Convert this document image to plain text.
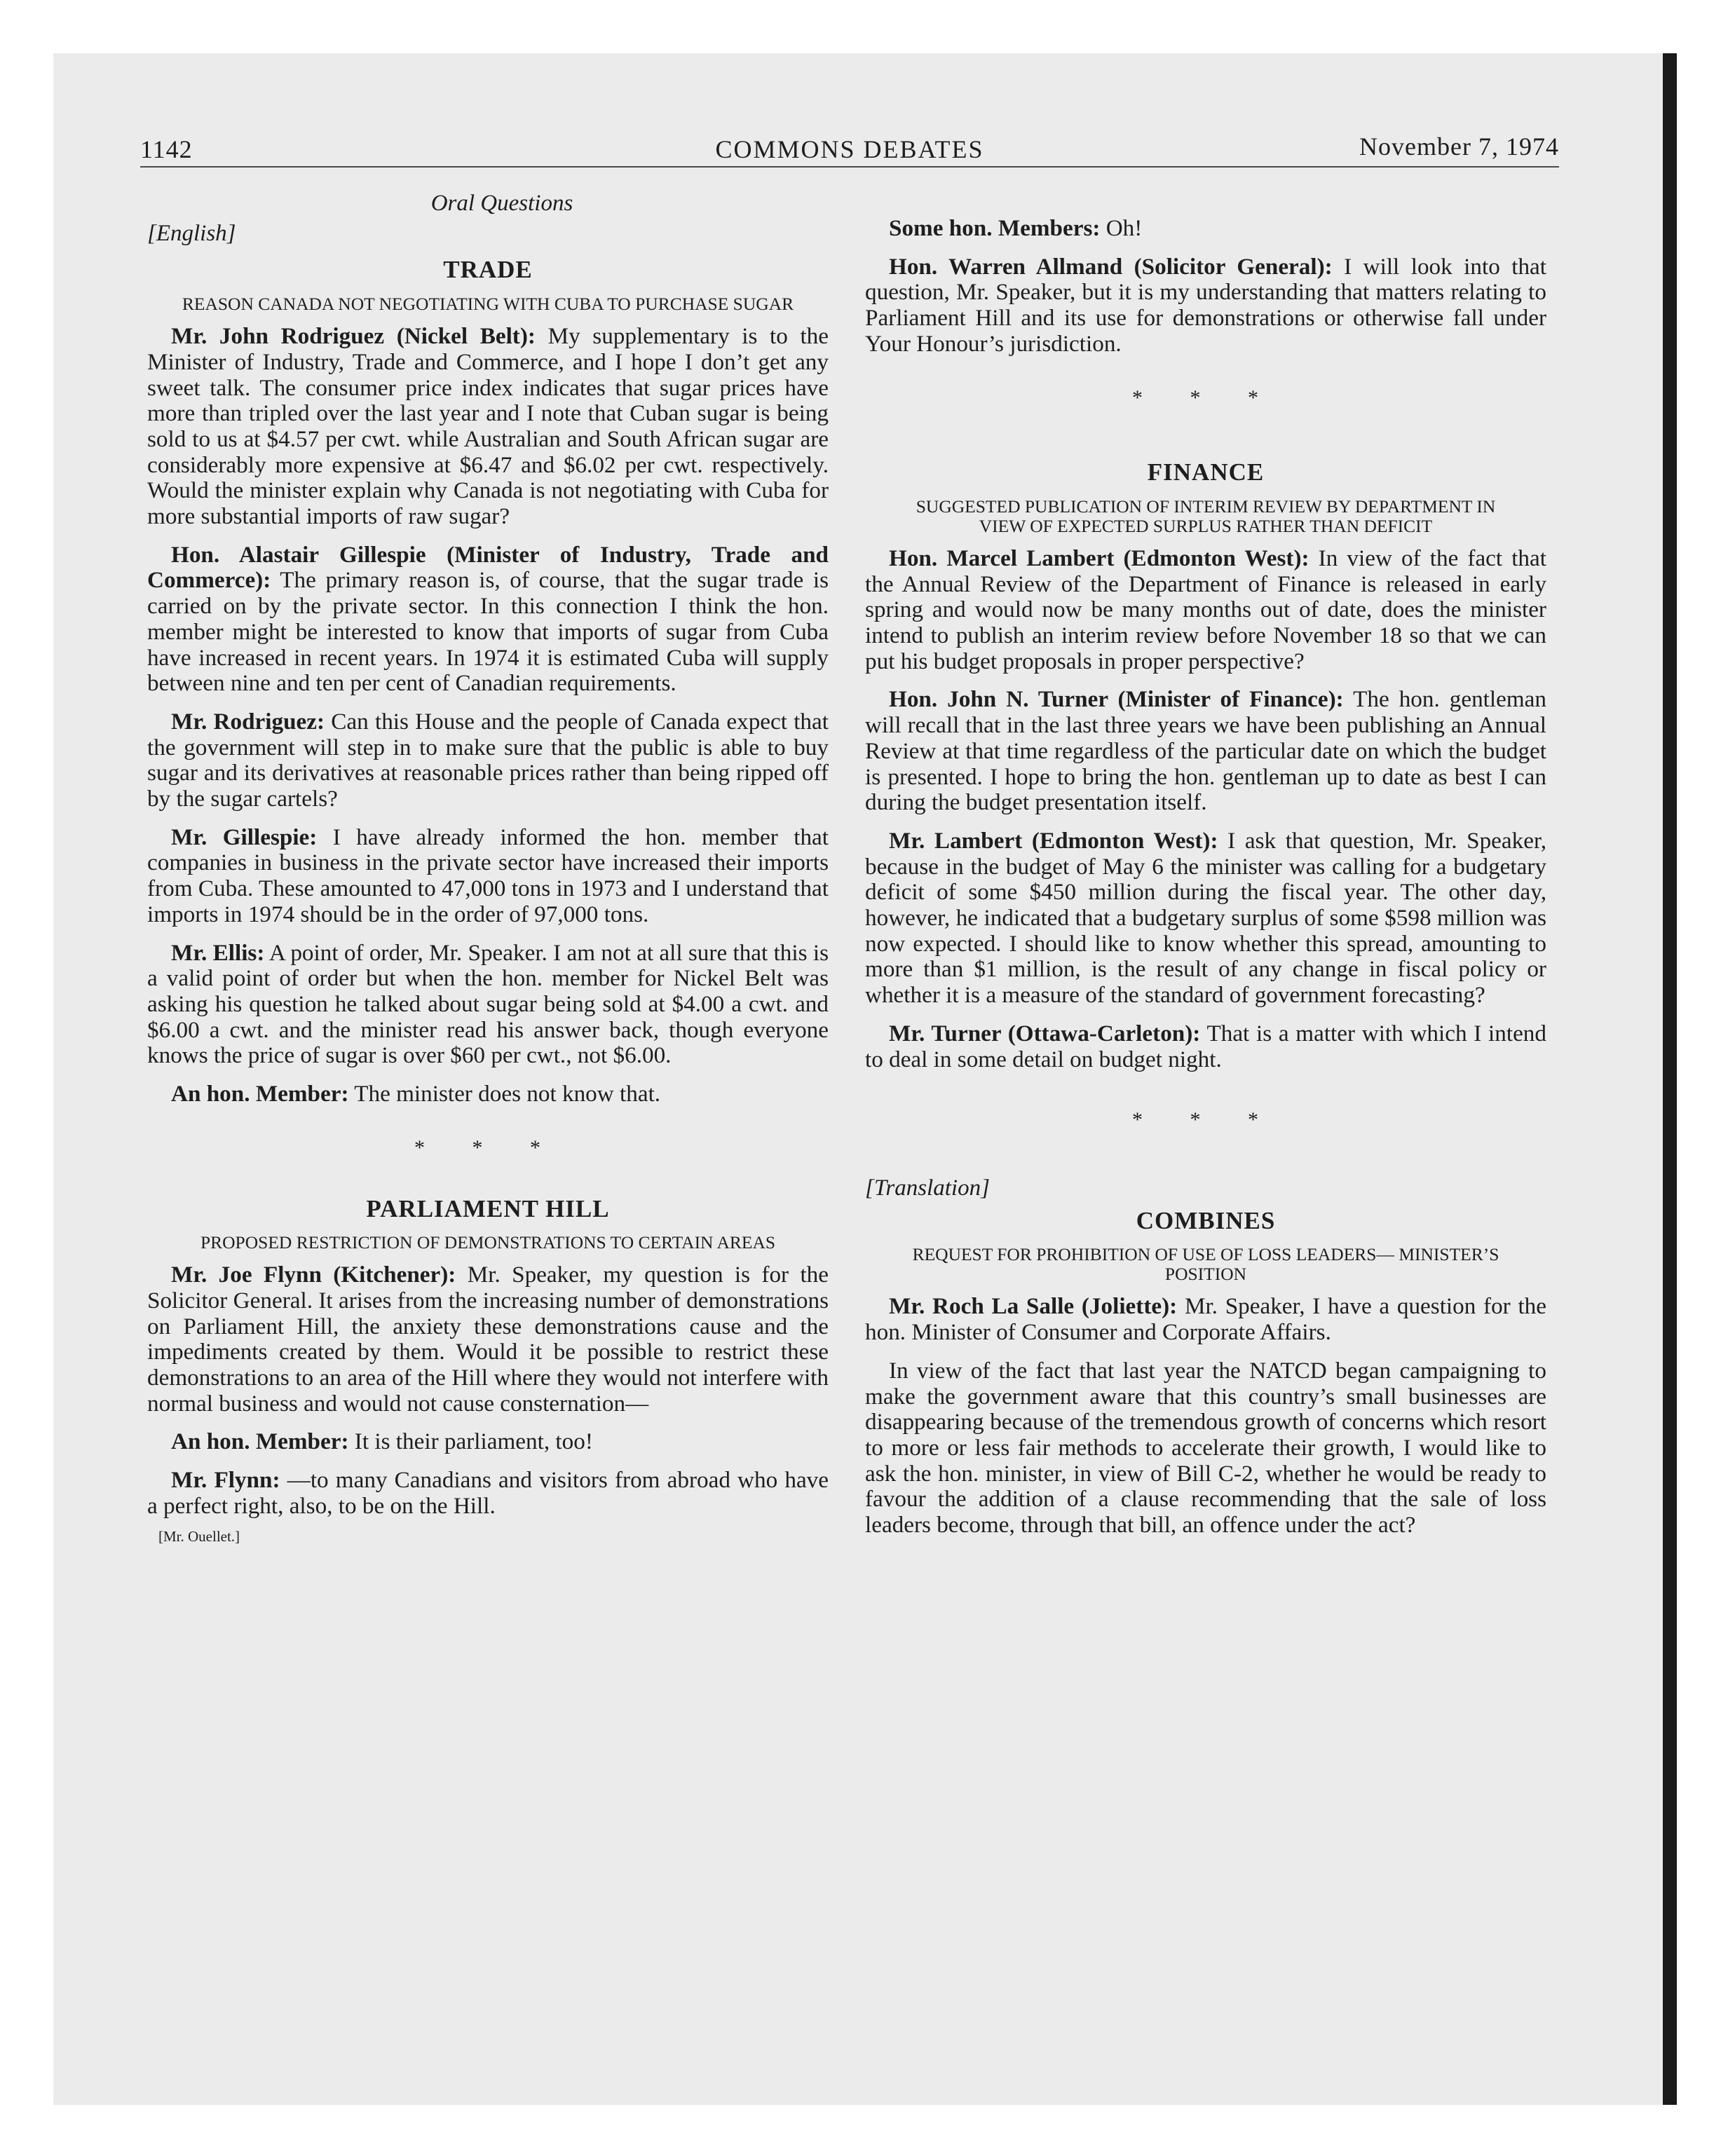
1142	COMMONS DEBATES	November 7, 1974
Oral Questions
[English]
TRADE
REASON CANADA NOT NEGOTIATING WITH CUBA TO PURCHASE SUGAR

Mr. John Rodriguez (Nickel Belt): My supplementary is to the Minister of Industry, Trade and Commerce, and I hope I don’t get any sweet talk. The consumer price index indicates that sugar prices have more than tripled over the last year and I note that Cuban sugar is being sold to us at $4.57 per cwt. while Australian and South African sugar are considerably more expensive at $6.47 and $6.02 per cwt. respectively. Would the minister explain why Canada is not negotiating with Cuba for more substantial imports of raw sugar?

Hon. Alastair Gillespie (Minister of Industry, Trade and Commerce): The primary reason is, of course, that the sugar trade is carried on by the private sector. In this connection I think the hon. member might be interested to know that imports of sugar from Cuba have increased in recent years. In 1974 it is estimated Cuba will supply between nine and ten per cent of Canadian requirements.

Mr. Rodriguez: Can this House and the people of Canada expect that the government will step in to make sure that the public is able to buy sugar and its derivatives at reasonable prices rather than being ripped off by the sugar cartels?

Mr. Gillespie: I have already informed the hon. member that companies in business in the private sector have increased their imports from Cuba. These amounted to 47,000 tons in 1973 and I understand that imports in 1974 should be in the order of 97,000 tons.

Mr. Ellis: A point of order, Mr. Speaker. I am not at all sure that this is a valid point of order but when the hon. member for Nickel Belt was asking his question he talked about sugar being sold at $4.00 a cwt. and $6.00 a cwt. and the minister read his answer back, though everyone knows the price of sugar is over $60 per cwt., not $6.00.

An hon. Member: The minister does not know that.

* * *
PARLIAMENT HILL
PROPOSED RESTRICTION OF DEMONSTRATIONS TO CERTAIN AREAS

Mr. Joe Flynn (Kitchener): Mr. Speaker, my question is for the Solicitor General. It arises from the increasing number of demonstrations on Parliament Hill, the anxiety these demonstrations cause and the impediments created by them. Would it be possible to restrict these demonstrations to an area of the Hill where they would not interfere with normal business and would not cause consternation—

An hon. Member: It is their parliament, too!

Mr. Flynn: —to many Canadians and visitors from abroad who have a perfect right, also, to be on the Hill.

[Mr. Ouellet.]

Some hon. Members: Oh!

Hon. Warren Allmand (Solicitor General): I will look into that question, Mr. Speaker, but it is my understanding that matters relating to Parliament Hill and its use for demonstrations or otherwise fall under Your Honour’s jurisdiction.

* * *
FINANCE
SUGGESTED PUBLICATION OF INTERIM REVIEW BY DEPARTMENT IN VIEW OF EXPECTED SURPLUS RATHER THAN DEFICIT

Hon. Marcel Lambert (Edmonton West): In view of the fact that the Annual Review of the Department of Finance is released in early spring and would now be many months out of date, does the minister intend to publish an interim review before November 18 so that we can put his budget proposals in proper perspective?

Hon. John N. Turner (Minister of Finance): The hon. gentleman will recall that in the last three years we have been publishing an Annual Review at that time regardless of the particular date on which the budget is presented. I hope to bring the hon. gentleman up to date as best I can during the budget presentation itself.

Mr. Lambert (Edmonton West): I ask that question, Mr. Speaker, because in the budget of May 6 the minister was calling for a budgetary deficit of some $450 million during the fiscal year. The other day, however, he indicated that a budgetary surplus of some $598 million was now expected. I should like to know whether this spread, amounting to more than $1 million, is the result of any change in fiscal policy or whether it is a measure of the standard of government forecasting?

Mr. Turner (Ottawa-Carleton): That is a matter with which I intend to deal in some detail on budget night.

* * *
[Translation]
COMBINES
REQUEST FOR PROHIBITION OF USE OF LOSS LEADERS— MINISTER’S POSITION

Mr. Roch La Salle (Joliette): Mr. Speaker, I have a question for the hon. Minister of Consumer and Corporate Affairs.

In view of the fact that last year the NATCD began campaigning to make the government aware that this country’s small businesses are disappearing because of the tremendous growth of concerns which resort to more or less fair methods to accelerate their growth, I would like to ask the hon. minister, in view of Bill C-2, whether he would be ready to favour the addition of a clause recommending that the sale of loss leaders become, through that bill, an offence under the act?
